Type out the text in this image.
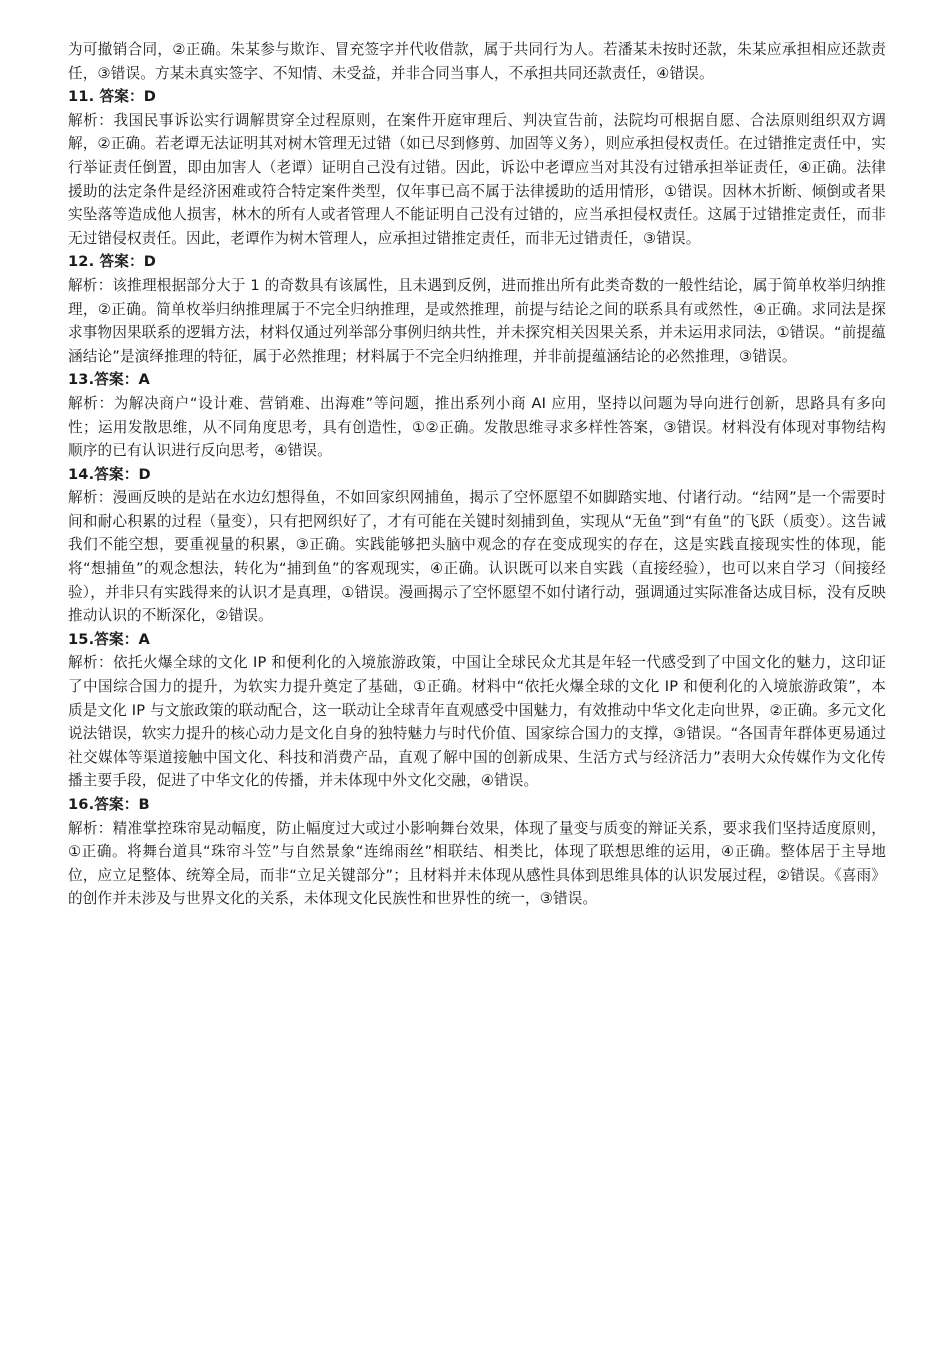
为可撤销合同，②正确。朱某参与欺诈、冒充签字并代收借款，属于共同行为人。若潘某未按时还款，朱某应承担相应还款责任，③错误。方某未真实签字、不知情、未受益，并非合同当事人，不承担共同还款责任，④错误。

11. 答案：D

解析：我国民事诉讼实行调解贯穿全过程原则，在案件开庭审理后、判决宣告前，法院均可根据自愿、合法原则组织双方调解，②正确。若老谭无法证明其对树木管理无过错（如已尽到修剪、加固等义务），则应承担侵权责任。在过错推定责任中，实行举证责任倒置，即由加害人（老谭）证明自己没有过错。因此，诉讼中老谭应当对其没有过错承担举证责任，④正确。法律援助的法定条件是经济困难或符合特定案件类型，仅年事已高不属于法律援助的适用情形，①错误。因林木折断、倾倒或者果实坠落等造成他人损害，林木的所有人或者管理人不能证明自己没有过错的，应当承担侵权责任。这属于过错推定责任，而非无过错侵权责任。因此，老谭作为树木管理人，应承担过错推定责任，而非无过错责任，③错误。

12. 答案：D

解析：该推理根据部分大于 1 的奇数具有该属性，且未遇到反例，进而推出所有此类奇数的一般性结论，属于简单枚举归纳推理，②正确。简单枚举归纳推理属于不完全归纳推理，是或然推理，前提与结论之间的联系具有或然性，④正确。求同法是探求事物因果联系的逻辑方法，材料仅通过列举部分事例归纳共性，并未探究相关因果关系，并未运用求同法，①错误。“前提蕴涵结论”是演绎推理的特征，属于必然推理；材料属于不完全归纳推理，并非前提蕴涵结论的必然推理，③错误。

13.答案：A

解析：为解决商户“设计难、营销难、出海难”等问题，推出系列小商 AI 应用，坚持以问题为导向进行创新，思路具有多向性；运用发散思维，从不同角度思考，具有创造性，①②正确。发散思维寻求多样性答案，③错误。材料没有体现对事物结构顺序的已有认识进行反向思考，④错误。

14.答案：D

解析：漫画反映的是站在水边幻想得鱼，不如回家织网捕鱼，揭示了空怀愿望不如脚踏实地、付诸行动。“结网”是一个需要时间和耐心积累的过程（量变），只有把网织好了，才有可能在关键时刻捕到鱼，实现从“无鱼”到“有鱼”的飞跃（质变）。这告诫我们不能空想，要重视量的积累，③正确。实践能够把头脑中观念的存在变成现实的存在，这是实践直接现实性的体现，能将“想捕鱼”的观念想法，转化为“捕到鱼”的客观现实，④正确。认识既可以来自实践（直接经验），也可以来自学习（间接经验），并非只有实践得来的认识才是真理，①错误。漫画揭示了空怀愿望不如付诸行动，强调通过实际准备达成目标，没有反映推动认识的不断深化，②错误。

15.答案：A

解析：依托火爆全球的文化 IP 和便利化的入境旅游政策，中国让全球民众尤其是年轻一代感受到了中国文化的魅力，这印证了中国综合国力的提升，为软实力提升奠定了基础，①正确。材料中“依托火爆全球的文化 IP 和便利化的入境旅游政策”，本质是文化 IP 与文旅政策的联动配合，这一联动让全球青年直观感受中国魅力，有效推动中华文化走向世界，②正确。多元文化说法错误，软实力提升的核心动力是文化自身的独特魅力与时代价值、国家综合国力的支撑，③错误。“各国青年群体更易通过社交媒体等渠道接触中国文化、科技和消费产品，直观了解中国的创新成果、生活方式与经济活力”表明大众传媒作为文化传播主要手段，促进了中华文化的传播，并未体现中外文化交融，④错误。

16.答案：B

解析：精准掌控珠帘晃动幅度，防止幅度过大或过小影响舞台效果，体现了量变与质变的辩证关系，要求我们坚持适度原则，①正确。将舞台道具“珠帘斗笠”与自然景象“连绵雨丝”相联结、相类比，体现了联想思维的运用，④正确。整体居于主导地位，应立足整体、统筹全局，而非“立足关键部分”；且材料并未体现从感性具体到思维具体的认识发展过程，②错误。《喜雨》的创作并未涉及与世界文化的关系，未体现文化民族性和世界性的统一，③错误。
